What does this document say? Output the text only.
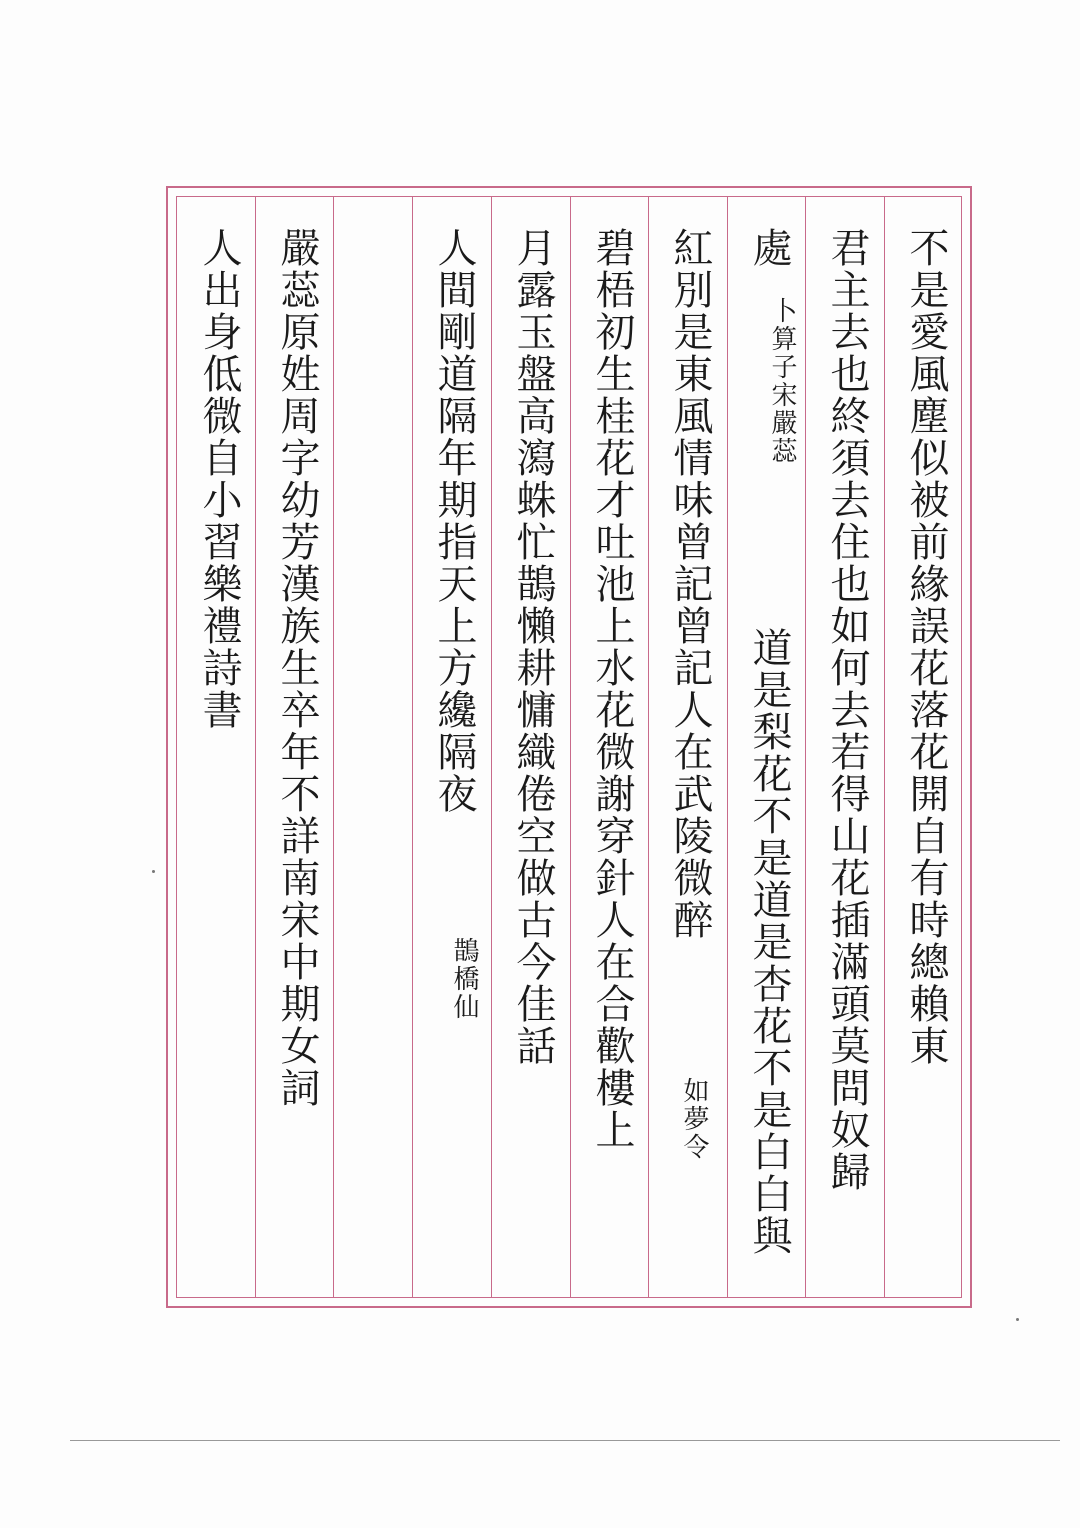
不是愛風塵似被前緣誤花落花開自有時總賴東
君主去也終須去住也如何去若得山花插滿頭莫問奴歸
處
卜算子宋嚴蕊
道是梨花不是道是杏花不是白白與
紅別是東風情味曾記曾記人在武陵微醉
如夢令
碧梧初生桂花才吐池上水花微謝穿針人在合歡樓上
月露玉盤高瀉蛛忙鵲懶耕慵織倦空做古今佳話
人間剛道隔年期指天上方纔隔夜
鵲橋仙
嚴蕊原姓周字幼芳漢族生卒年不詳南宋中期女詞
人出身低微自小習樂禮詩書
